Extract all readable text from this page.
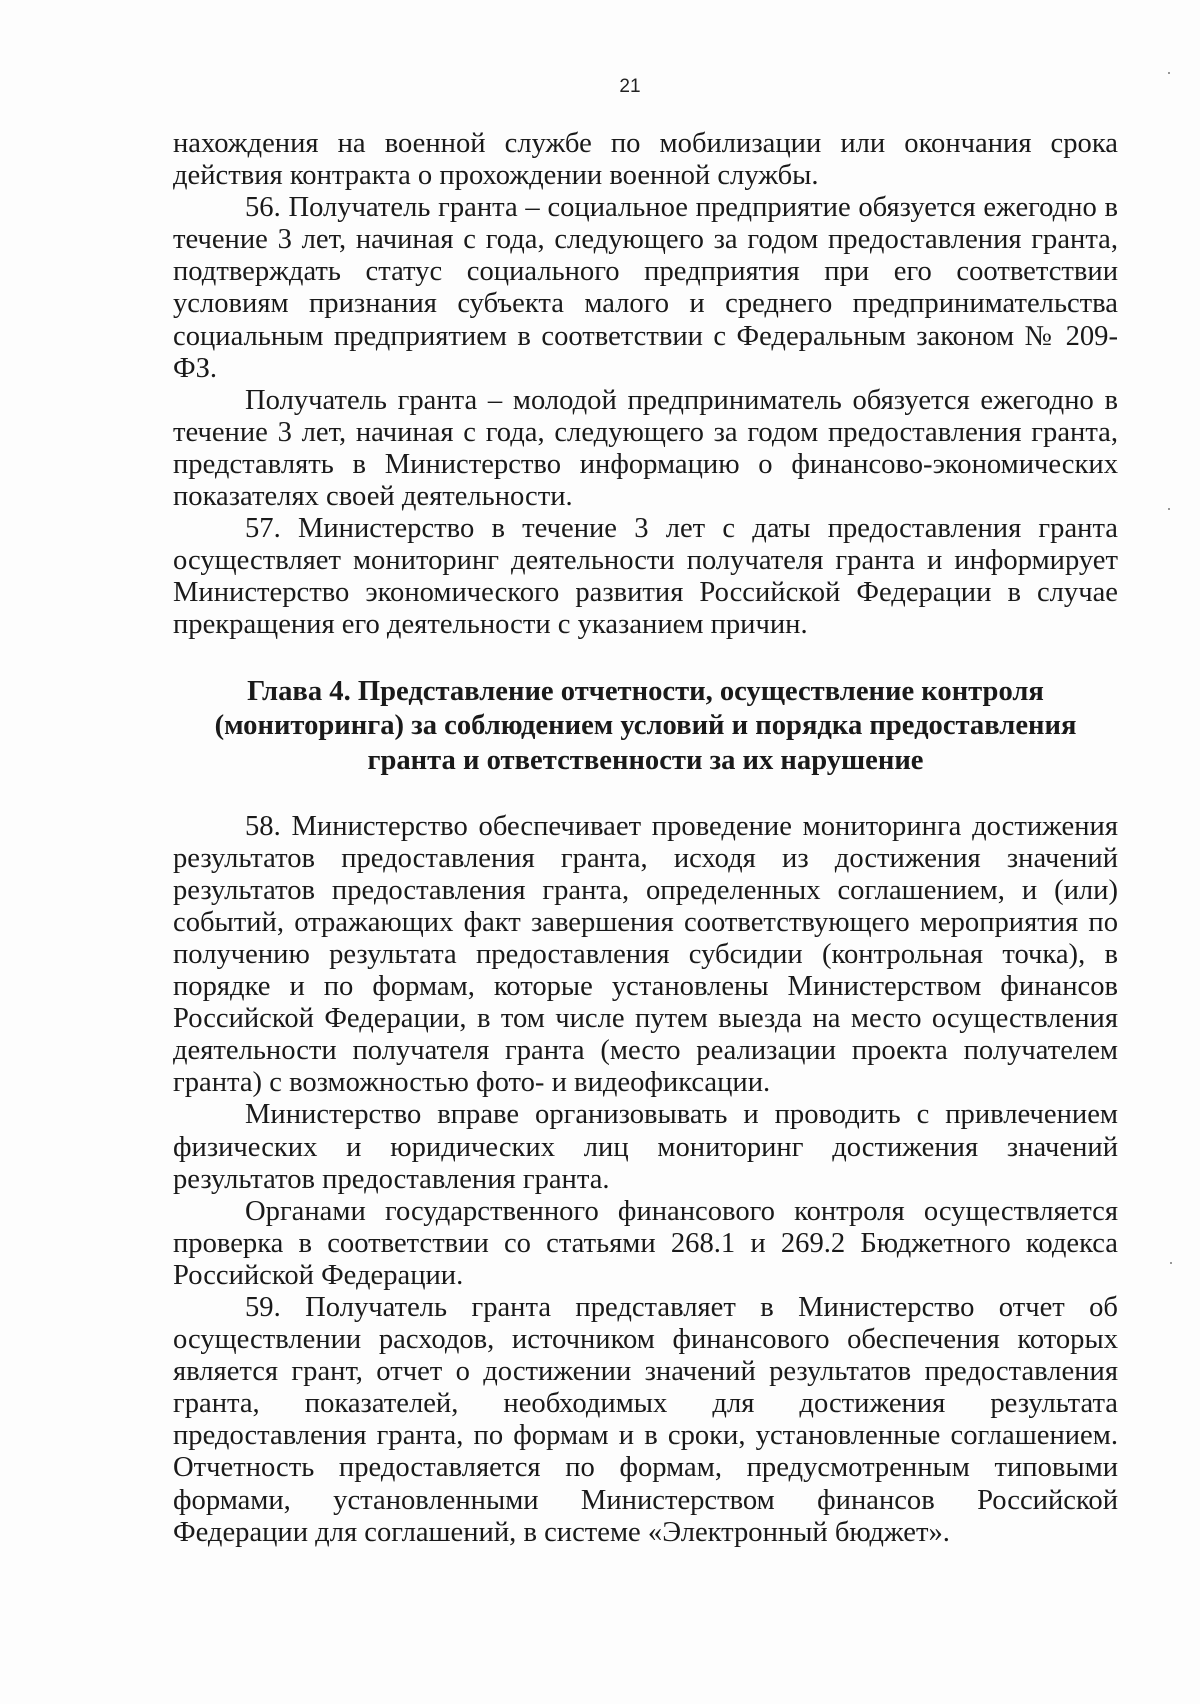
21

нахождения на военной службе по мобилизации или окончания срока действия контракта о прохождении военной службы.

56. Получатель гранта – социальное предприятие обязуется ежегодно в течение 3 лет, начиная с года, следующего за годом предоставления гранта, подтверждать статус социального предприятия при его соответствии условиям признания субъекта малого и среднего предпринимательства социальным предприятием в соответствии с Федеральным законом № 209-ФЗ.

Получатель гранта – молодой предприниматель обязуется ежегодно в течение 3 лет, начиная с года, следующего за годом предоставления гранта, представлять в Министерство информацию о финансово-экономических показателях своей деятельности.

57. Министерство в течение 3 лет с даты предоставления гранта осуществляет мониторинг деятельности получателя гранта и информирует Министерство экономического развития Российской Федерации в случае прекращения его деятельности с указанием причин.

Глава 4. Представление отчетности, осуществление контроля
(мониторинга) за соблюдением условий и порядка предоставления
гранта и ответственности за их нарушение

58. Министерство обеспечивает проведение мониторинга достижения результатов предоставления гранта, исходя из достижения значений результатов предоставления гранта, определенных соглашением, и (или) событий, отражающих факт завершения соответствующего мероприятия по получению результата предоставления субсидии (контрольная точка), в порядке и по формам, которые установлены Министерством финансов Российской Федерации, в том числе путем выезда на место осуществления деятельности получателя гранта (место реализации проекта получателем гранта) с возможностью фото- и видеофиксации.

Министерство вправе организовывать и проводить с привлечением физических и юридических лиц мониторинг достижения значений результатов предоставления гранта.

Органами государственного финансового контроля осуществляется проверка в соответствии со статьями 268.1 и 269.2 Бюджетного кодекса Российской Федерации.

59. Получатель гранта представляет в Министерство отчет об осуществлении расходов, источником финансового обеспечения которых является грант, отчет о достижении значений результатов предоставления гранта, показателей, необходимых для достижения результата предоставления гранта, по формам и в сроки, установленные соглашением. Отчетность предоставляется по формам, предусмотренным типовыми формами, установленными Министерством финансов Российской Федерации для соглашений, в системе «Электронный бюджет».
